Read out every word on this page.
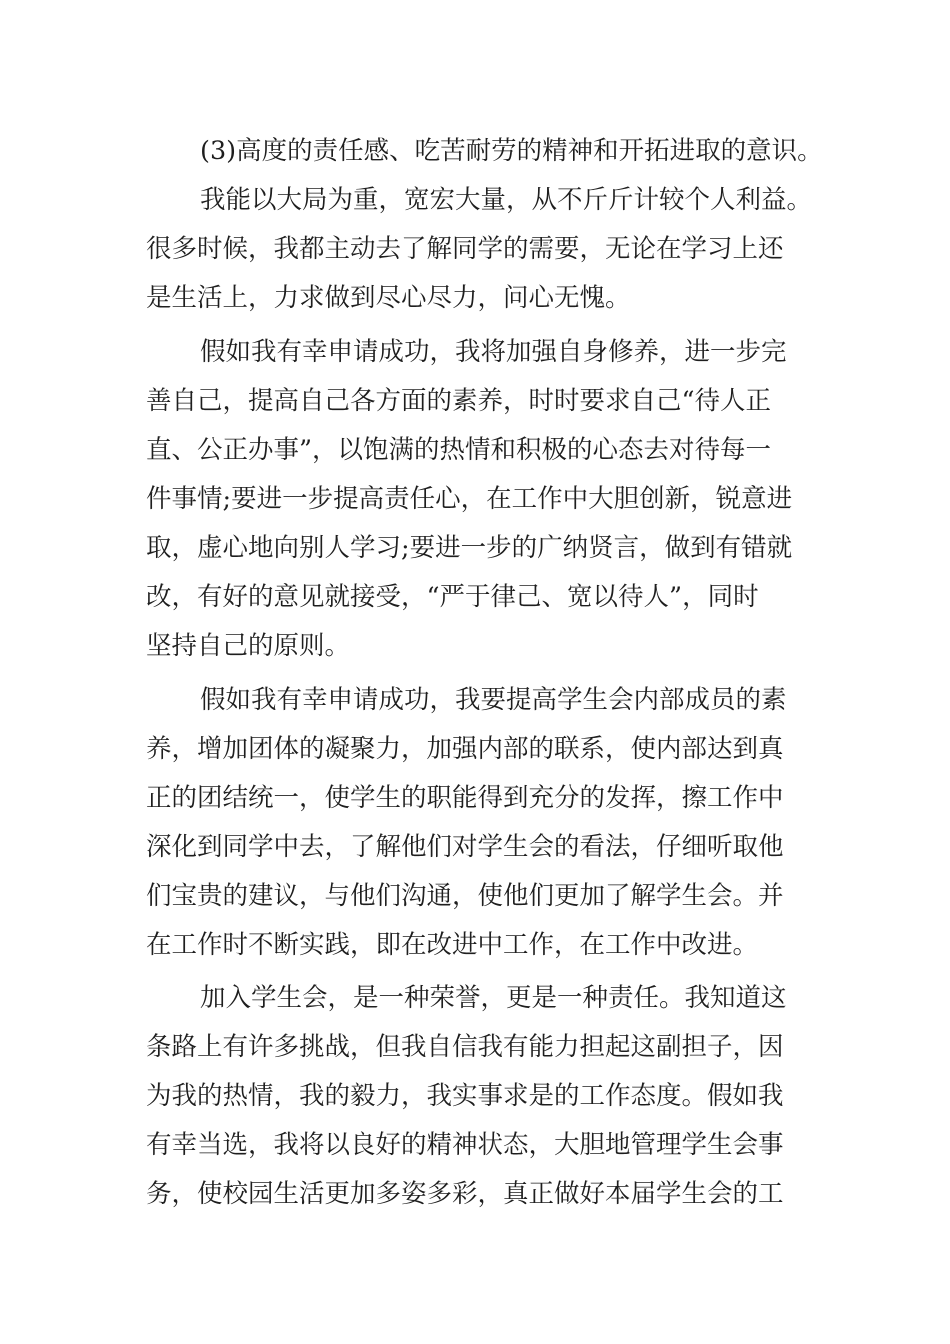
(3)高度的责任感、吃苦耐劳的精神和开拓进取的意识。
我能以大局为重，宽宏大量，从不斤斤计较个人利益。
很多时候，我都主动去了解同学的需要，无论在学习上还
是生活上，力求做到尽心尽力，问心无愧。
假如我有幸申请成功，我将加强自身修养，进一步完
善自己，提高自己各方面的素养，时时要求自己“待人正
直、公正办事”，以饱满的热情和积极的心态去对待每一
件事情;要进一步提高责任心，在工作中大胆创新，锐意进
取，虚心地向别人学习;要进一步的广纳贤言，做到有错就
改，有好的意见就接受，“严于律己、宽以待人”，同时
坚持自己的原则。
假如我有幸申请成功，我要提高学生会内部成员的素
养，增加团体的凝聚力，加强内部的联系，使内部达到真
正的团结统一，使学生的职能得到充分的发挥，擦工作中
深化到同学中去，了解他们对学生会的看法，仔细听取他
们宝贵的建议，与他们沟通，使他们更加了解学生会。并
在工作时不断实践，即在改进中工作，在工作中改进。
加入学生会，是一种荣誉，更是一种责任。我知道这
条路上有许多挑战，但我自信我有能力担起这副担子，因
为我的热情，我的毅力，我实事求是的工作态度。假如我
有幸当选，我将以良好的精神状态，大胆地管理学生会事
务，使校园生活更加多姿多彩，真正做好本届学生会的工
